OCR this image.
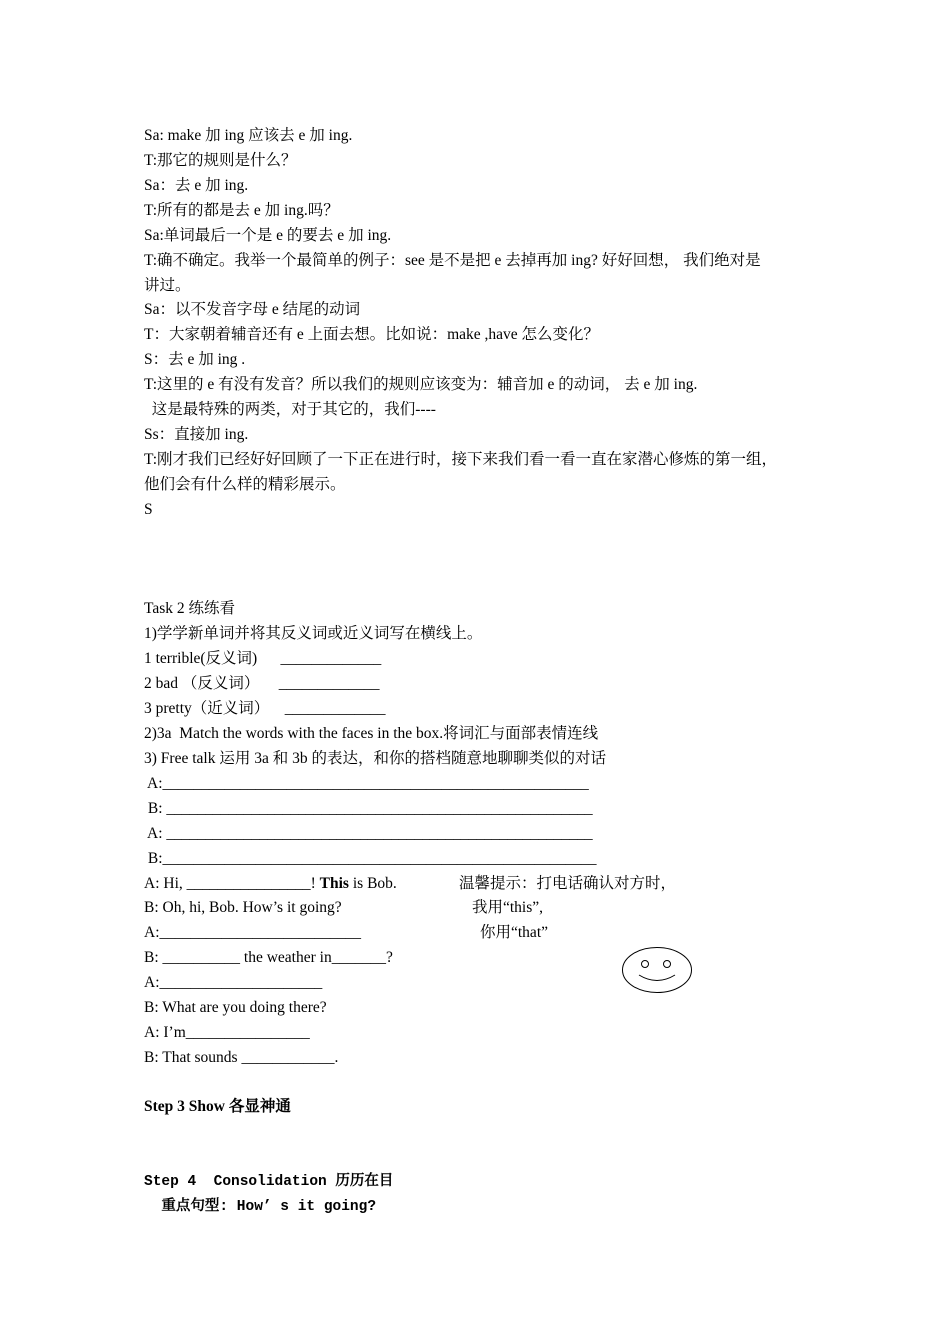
Sa: make 加 ing 应该去 e 加 ing.
T:那它的规则是什么？
Sa：去 e 加 ing.
T:所有的都是去 e 加 ing.吗？
Sa:单词最后一个是 e 的要去 e 加 ing.
T:确不确定。我举一个最简单的例子：see 是不是把 e 去掉再加 ing? 好好回想， 我们绝对是
讲过。
Sa：以不发音字母 e 结尾的动词
T：大家朝着辅音还有 e 上面去想。比如说：make ,have 怎么变化？
S：去 e 加 ing .
T:这里的 e 有没有发音？所以我们的规则应该变为：辅音加 e 的动词， 去 e 加 ing.
这是最特殊的两类，对于其它的，我们----
Ss：直接加 ing.
T:刚才我们已经好好回顾了一下正在进行时，接下来我们看一看一直在家潜心修炼的第一组，
他们会有什么样的精彩展示。
S
Task 2 练练看
1)学学新单词并将其反义词或近义词写在横线上。
1 terrible(反义词)      _____________
2 bad （反义词）     _____________
3 pretty（近义词）    _____________
2)3a  Match the words with the faces in the box.将词汇与面部表情连线
3) Free talk 运用 3a 和 3b 的表达，和你的搭档随意地聊聊类似的对话
A:_______________________________________________________
B: _______________________________________________________
A: _______________________________________________________
B:________________________________________________________
A: Hi, ________________! This is Bob.
B: Oh, hi, Bob. How’s it going?
A:__________________________
B: __________ the weather in_______?
A:_____________________
B: What are you doing there?
A: I’m________________
B: That sounds ____________.
温馨提示：打电话确认对方时，
我用“this”,
你用“that”
Step 3 Show 各显神通
Step 4  Consolidation 历历在目
重点句型: How’ s it going?
